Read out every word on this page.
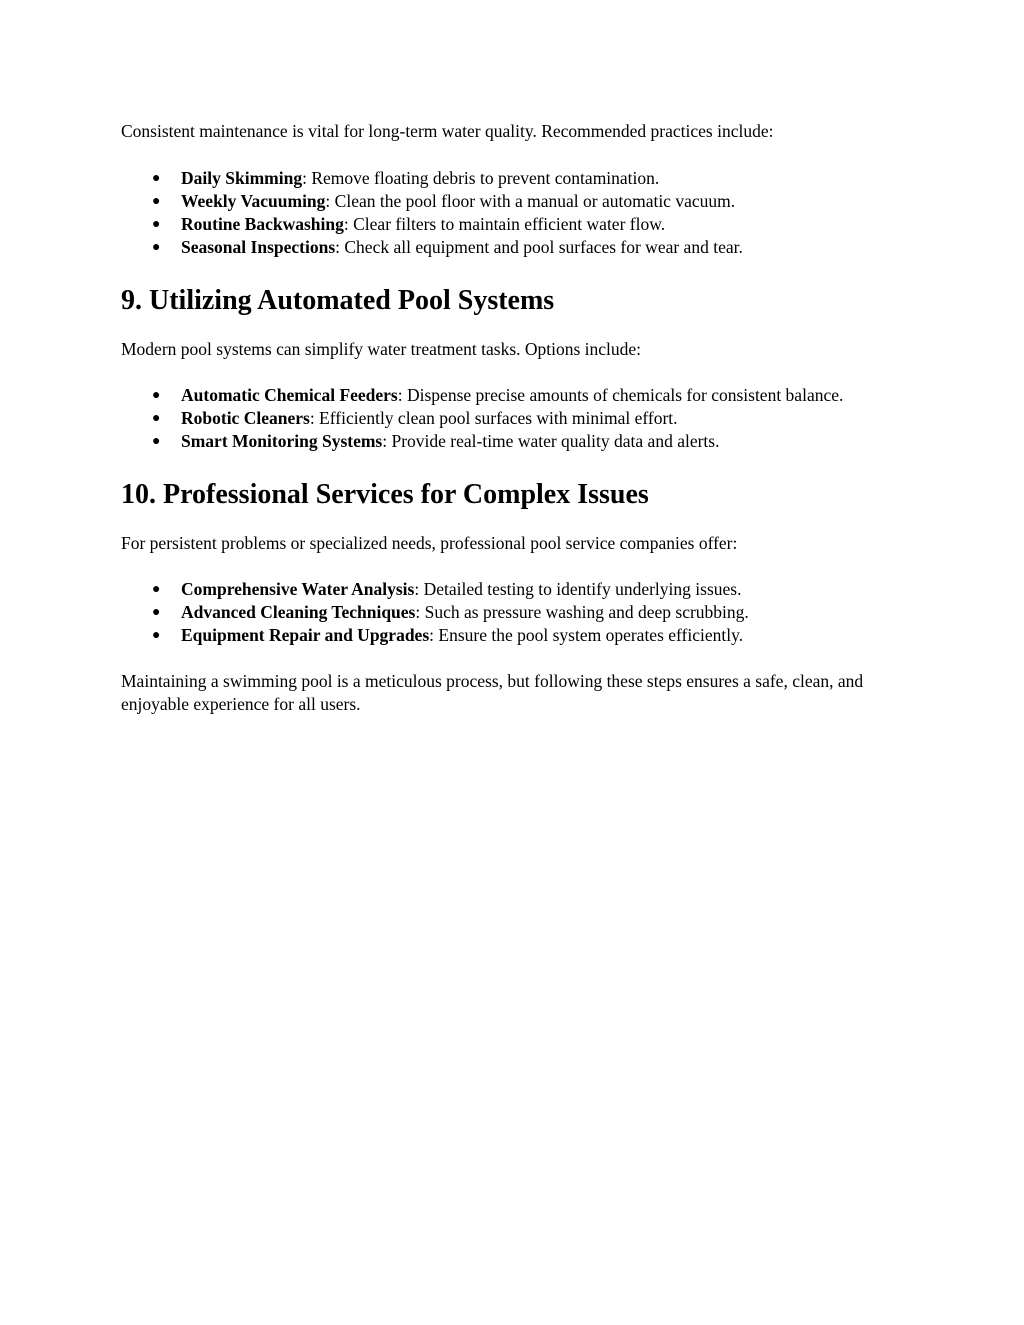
Consistent maintenance is vital for long-term water quality. Recommended practices include:

● Daily Skimming: Remove floating debris to prevent contamination.
● Weekly Vacuuming: Clean the pool floor with a manual or automatic vacuum.
● Routine Backwashing: Clear filters to maintain efficient water flow.
● Seasonal Inspections: Check all equipment and pool surfaces for wear and tear.
9. Utilizing Automated Pool Systems

Modern pool systems can simplify water treatment tasks. Options include:

● Automatic Chemical Feeders: Dispense precise amounts of chemicals for consistent balance.
● Robotic Cleaners: Efficiently clean pool surfaces with minimal effort.
● Smart Monitoring Systems: Provide real-time water quality data and alerts.
10. Professional Services for Complex Issues

For persistent problems or specialized needs, professional pool service companies offer:

● Comprehensive Water Analysis: Detailed testing to identify underlying issues.
● Advanced Cleaning Techniques: Such as pressure washing and deep scrubbing.
● Equipment Repair and Upgrades: Ensure the pool system operates efficiently.

Maintaining a swimming pool is a meticulous process, but following these steps ensures a safe, clean, and enjoyable experience for all users.
